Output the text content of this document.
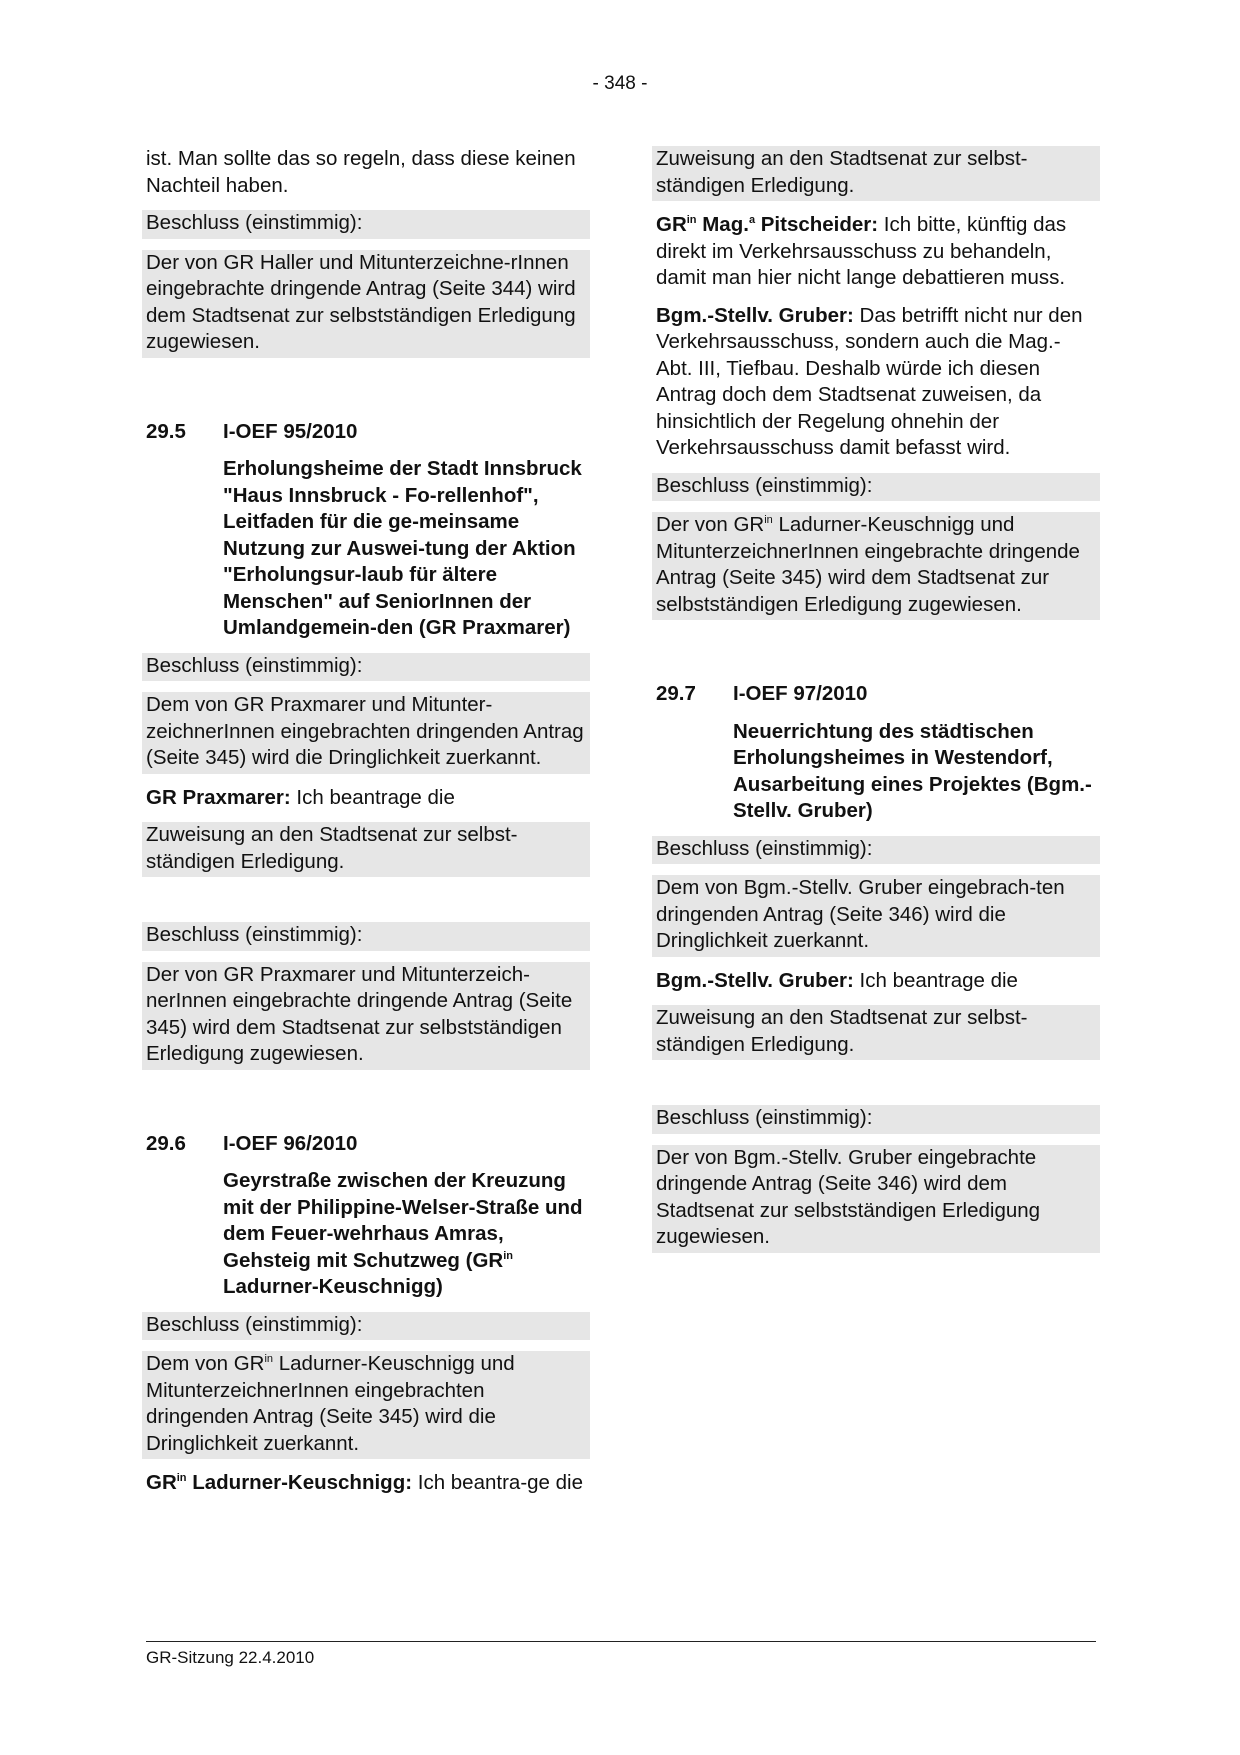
- 348 -

ist. Man sollte das so regeln, dass diese keinen Nachteil haben.

Beschluss (einstimmig):

Der von GR Haller und Mitunterzeichne-rInnen eingebrachte dringende Antrag (Seite 344) wird dem Stadtsenat zur selbstständigen Erledigung zugewiesen.

29.5	I-OEF 95/2010

Erholungsheime der Stadt Innsbruck "Haus Innsbruck - Fo-rellenhof", Leitfaden für die ge-meinsame Nutzung zur Auswei-tung der Aktion "Erholungsur-laub für ältere Menschen" auf SeniorInnen der Umlandgemein-den (GR Praxmarer)

Beschluss (einstimmig):

Dem von GR Praxmarer und Mitunter-zeichnerInnen eingebrachten dringenden Antrag (Seite 345) wird die Dringlichkeit zuerkannt.

GR Praxmarer: Ich beantrage die

Zuweisung an den Stadtsenat zur selbst-ständigen Erledigung.

Beschluss (einstimmig):

Der von GR Praxmarer und Mitunterzeich-nerInnen eingebrachte dringende Antrag (Seite 345) wird dem Stadtsenat zur selbstständigen Erledigung zugewiesen.

29.6	I-OEF 96/2010

Geyrstraße zwischen der Kreuzung mit der Philippine-Welser-Straße und dem Feuer-wehrhaus Amras, Gehsteig mit Schutzweg ($GR^{in}$ Ladurner-Keuschnigg)

Beschluss (einstimmig):

Dem von $GR^{in}$ Ladurner-Keuschnigg und MitunterzeichnerInnen eingebrachten dringenden Antrag (Seite 345) wird die Dringlichkeit zuerkannt.

$GR^{in}$ Ladurner-Keuschnigg: Ich beantra-ge die

Zuweisung an den Stadtsenat zur selbst-ständigen Erledigung.

$GR^{in}$ Mag.$^a$ Pitscheider: Ich bitte, künftig das direkt im Verkehrsausschuss zu behandeln, damit man hier nicht lange debattieren muss.

Bgm.-Stellv. Gruber: Das betrifft nicht nur den Verkehrsausschuss, sondern auch die Mag.-Abt. III, Tiefbau. Deshalb würde ich diesen Antrag doch dem Stadtsenat zuweisen, da hinsichtlich der Regelung ohnehin der Verkehrsausschuss damit befasst wird.

Beschluss (einstimmig):

Der von $GR^{in}$ Ladurner-Keuschnigg und MitunterzeichnerInnen eingebrachte dringende Antrag (Seite 345) wird dem Stadtsenat zur selbstständigen Erledigung zugewiesen.

29.7	I-OEF 97/2010

Neuerrichtung des städtischen Erholungsheimes in Westendorf, Ausarbeitung eines Projektes (Bgm.-Stellv. Gruber)

Beschluss (einstimmig):

Dem von Bgm.-Stellv. Gruber eingebrach-ten dringenden Antrag (Seite 346) wird die Dringlichkeit zuerkannt.

Bgm.-Stellv. Gruber: Ich beantrage die

Zuweisung an den Stadtsenat zur selbst-ständigen Erledigung.

Beschluss (einstimmig):

Der von Bgm.-Stellv. Gruber eingebrachte dringende Antrag (Seite 346) wird dem Stadtsenat zur selbstständigen Erledigung zugewiesen.

GR-Sitzung 22.4.2010
